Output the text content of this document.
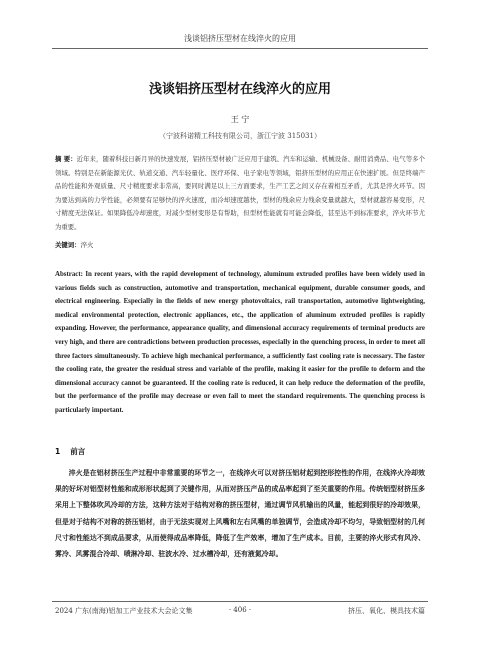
浅谈铝挤压型材在线淬火的应用
浅谈铝挤压型材在线淬火的应用
王 宁
（宁波科诺精工科技有限公司，浙江宁波 315031）
摘 要：近年来，随着科技日新月异的快速发展，铝挤压型材被广泛应用于建筑、汽车和运输、机械设备、耐用消费品、电气等多个领域。特别是在新能源光伏、轨道交通、汽车轻量化、医疗环保、电子家电等领域，铝挤压型材的应用正在快速扩展。但是终端产品的性能和外观质量、尺寸精度要求非常高，要同时满足以上三方面要求，生产工艺之间又存在着相互矛盾，尤其是淬火环节。因为要达到高的力学性能，必须要有足够快的淬火速度，而冷却速度越快，型材的残余应力残余变量就越大，型材就越容易变形，尺寸精度无法保证。如果降低冷却速度，对减少型材变形是有帮助，但型材性能就有可能会降低，甚至达不到标准要求，淬火环节尤为重要。
关键词：淬火
Abstract: In recent years, with the rapid development of technology, aluminum extruded profiles have been widely used in various fields such as construction, automotive and transportation, mechanical equipment, durable consumer goods, and electrical engineering. Especially in the fields of new energy photovoltaics, rail transportation, automotive lightweighting, medical environmental protection, electronic appliances, etc., the application of aluminum extruded profiles is rapidly expanding. However, the performance, appearance quality, and dimensional accuracy requirements of terminal products are very high, and there are contradictions between production processes, especially in the quenching process, in order to meet all three factors simultaneously. To achieve high mechanical performance, a sufficiently fast cooling rate is necessary. The faster the cooling rate, the greater the residual stress and variable of the profile, making it easier for the profile to deform and the dimensional accuracy cannot be guaranteed. If the cooling rate is reduced, it can help reduce the deformation of the profile, but the performance of the profile may decrease or even fail to meet the standard requirements. The quenching process is particularly important.
1 前言
淬火是在铝材挤压生产过程中非常重要的环节之一，在线淬火可以对挤压铝材起到控形控性的作用，在线淬火冷却效果的好坏对铝型材性能和成形形状起到了关键作用，从而对挤压产品的成品率起到了至关重要的作用。传统铝型材挤压多采用上下整体吹风冷却的方法，这种方法对于结构对称的挤压型材，通过调节风机输出的风量，能起到很好的冷却效果，但是对于结构不对称的挤压铝材，由于无法实现对上风嘴和左右风嘴的单独调节，会造成冷却不均匀，导致铝型材的几何尺寸和性能达不到成品要求，从而使得成品率降低，降低了生产效率，增加了生产成本。目前，主要的淬火形式有风冷、雾冷、风雾混合冷却、喷淋冷却、驻波水冷、过水槽冷却，还有液氮冷却。
2024 广东(南海)铝加工产业技术大会论文集	· 406 ·	挤压、氧化、模具技术篇
